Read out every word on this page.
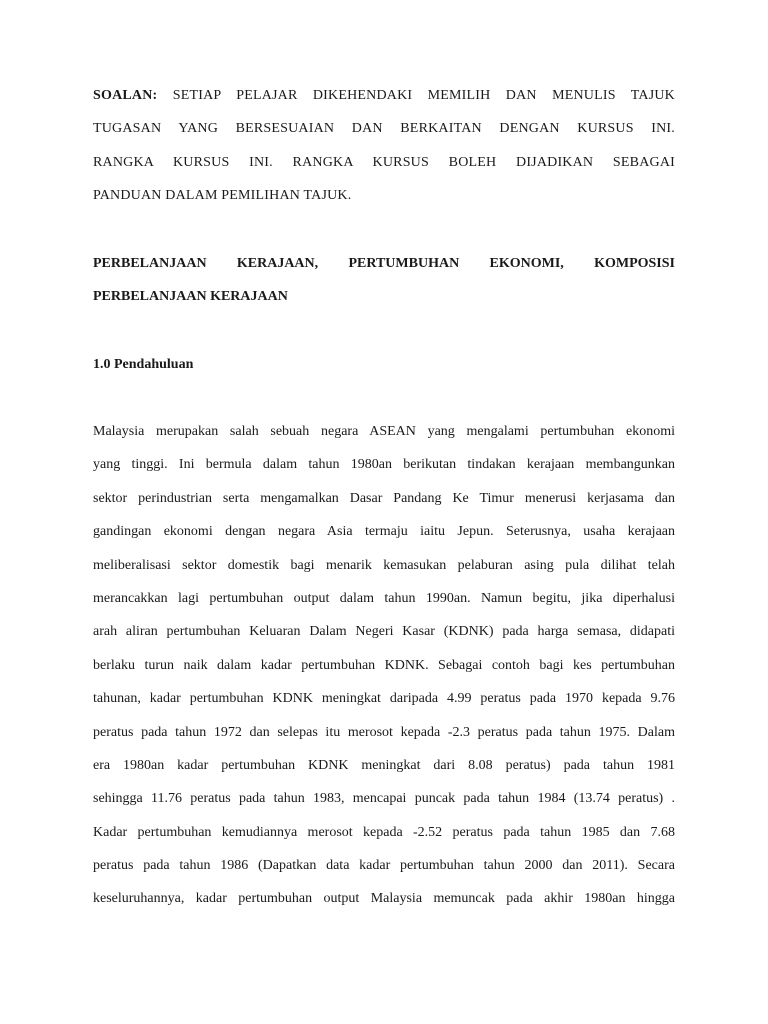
SOALAN: SETIAP PELAJAR DIKEHENDAKI MEMILIH DAN MENULIS TAJUK
TUGASAN YANG BERSESUAIAN DAN BERKAITAN DENGAN KURSUS INI.
RANGKA KURSUS INI. RANGKA KURSUS BOLEH DIJADIKAN SEBAGAI
PANDUAN DALAM PEMILIHAN TAJUK.
PERBELANJAAN KERAJAAN, PERTUMBUHAN EKONOMI, KOMPOSISI
PERBELANJAAN KERAJAAN
1.0 Pendahuluan
Malaysia merupakan salah sebuah negara ASEAN yang mengalami pertumbuhan ekonomi
yang tinggi. Ini bermula dalam tahun 1980an berikutan tindakan kerajaan membangunkan
sektor perindustrian serta mengamalkan Dasar Pandang Ke Timur menerusi kerjasama dan
gandingan ekonomi dengan negara Asia termaju iaitu Jepun. Seterusnya, usaha kerajaan
meliberalisasi sektor domestik bagi menarik kemasukan pelaburan asing pula dilihat telah
merancakkan lagi pertumbuhan output dalam tahun 1990an. Namun begitu, jika diperhalusi
arah aliran pertumbuhan Keluaran Dalam Negeri Kasar (KDNK) pada harga semasa, didapati
berlaku turun naik dalam kadar pertumbuhan KDNK. Sebagai contoh bagi kes pertumbuhan
tahunan, kadar pertumbuhan KDNK meningkat daripada 4.99 peratus pada 1970 kepada 9.76
peratus pada tahun 1972 dan selepas itu merosot kepada -2.3 peratus pada tahun 1975. Dalam
era 1980an kadar pertumbuhan KDNK meningkat dari 8.08 peratus) pada tahun 1981
sehingga 11.76 peratus pada tahun 1983, mencapai puncak pada tahun 1984 (13.74 peratus) .
Kadar pertumbuhan kemudiannya merosot kepada -2.52 peratus pada tahun 1985 dan 7.68
peratus pada tahun 1986 (Dapatkan data kadar pertumbuhan tahun 2000 dan 2011). Secara
keseluruhannya, kadar pertumbuhan output Malaysia memuncak pada akhir 1980an hingga
